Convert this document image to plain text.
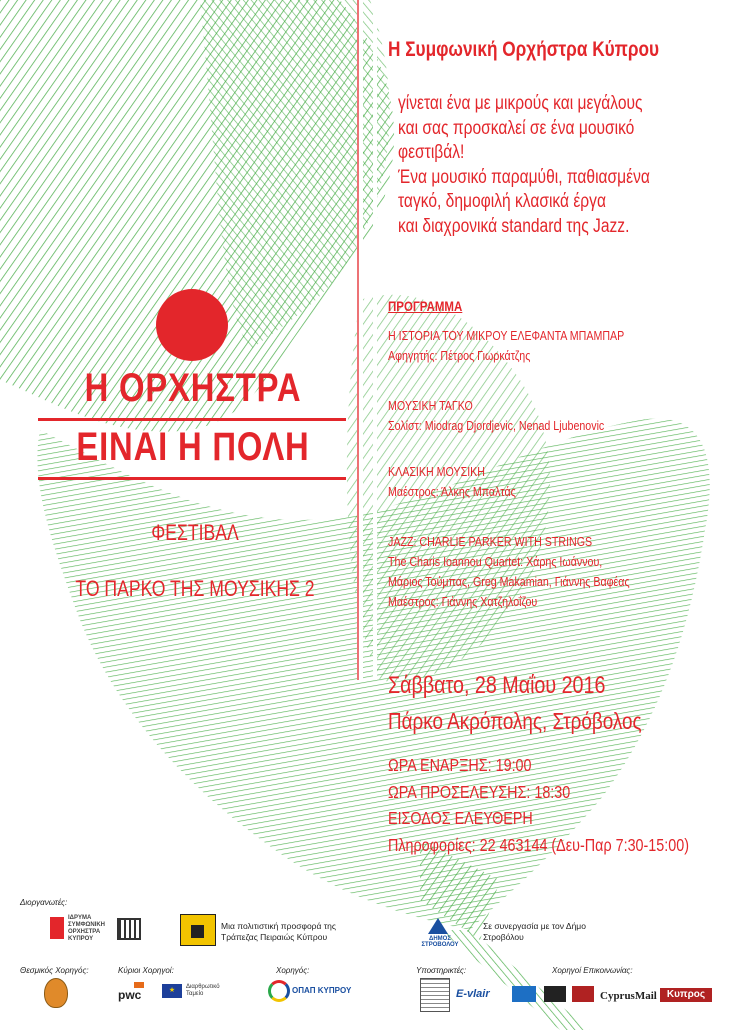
Η ΟΡΧΗΣΤΡΑ
ΕΙΝΑΙ Η ΠΟΛΗ
ΦΕΣΤΙΒΑΛ
ΤΟ ΠΑΡΚΟ ΤΗΣ ΜΟΥΣΙΚΗΣ 2
Η Συμφωνική Ορχήστρα Κύπρου
γίνεται ένα με μικρούς και μεγάλους
και σας προσκαλεί σε ένα μουσικό
φεστιβάλ!
Ένα μουσικό παραμύθι, παθιασμένα
ταγκό, δημοφιλή κλασικά έργα
και διαχρονικά standard της Jazz.
ΠΡΟΓΡΑΜΜΑ
Η ΙΣΤΟΡΙΑ ΤΟΥ ΜΙΚΡΟΥ ΕΛΕΦΑΝΤΑ ΜΠΑΜΠΑΡ
Αφηγητής: Πέτρος Γιωρκάτζης
ΜΟΥΣΙΚΗ ΤΑΓΚΟ
Σολίστ: Miodrag Djordjevic, Nenad Ljubenovic
ΚΛΑΣΙΚΗ ΜΟΥΣΙΚΗ
Μαέστρος: Άλκης Μπαλτάς
JAZZ: CHARLIE PARKER WITH STRINGS
The Charis Ioannou Quartet: Χάρης Ιωάννου,
Μάριος Τούμπας, Greg Makamian, Γιάννης Βαφέας
Μαέστρος: Γιάννης Χατζηλοΐζου
Σάββατο, 28 Μαΐου 2016
Πάρκο Ακρόπολης, Στρόβολος
ΩΡΑ ΕΝΑΡΞΗΣ: 19:00
ΩΡΑ ΠΡΟΣΕΛΕΥΣΗΣ: 18:30
ΕΙΣΟΔΟΣ ΕΛΕΥΘΕΡΗ
Πληροφορίες: 22 463144 (Δευ-Παρ 7:30-15:00)
Διοργανωτές:
ΙΔΡΥΜΑ ΣΥΜΦΩΝΙΚΗ ΟΡΧΗΣΤΡΑ ΚΥΠΡΟΥ
Μια πολιτιστική προσφορά της Τράπεζας Πειραιώς Κύπρου	ΔΗΜΟΣ ΣΤΡΟΒΟΛΟΥ
Σε συνεργασία με τον Δήμο Στροβόλου
Θεσμικός Χορηγός:	Κύριοι Χορηγοί:
pwc	★	Διαρθρωτικό Ταμείο
Χορηγός:
ΟΠΑΠ ΚΥΠΡΟΥ
Υποστηρικτές:
E-vlair
Χορηγοί Επικοινωνίας:
CyprusMail	Κυπρος
